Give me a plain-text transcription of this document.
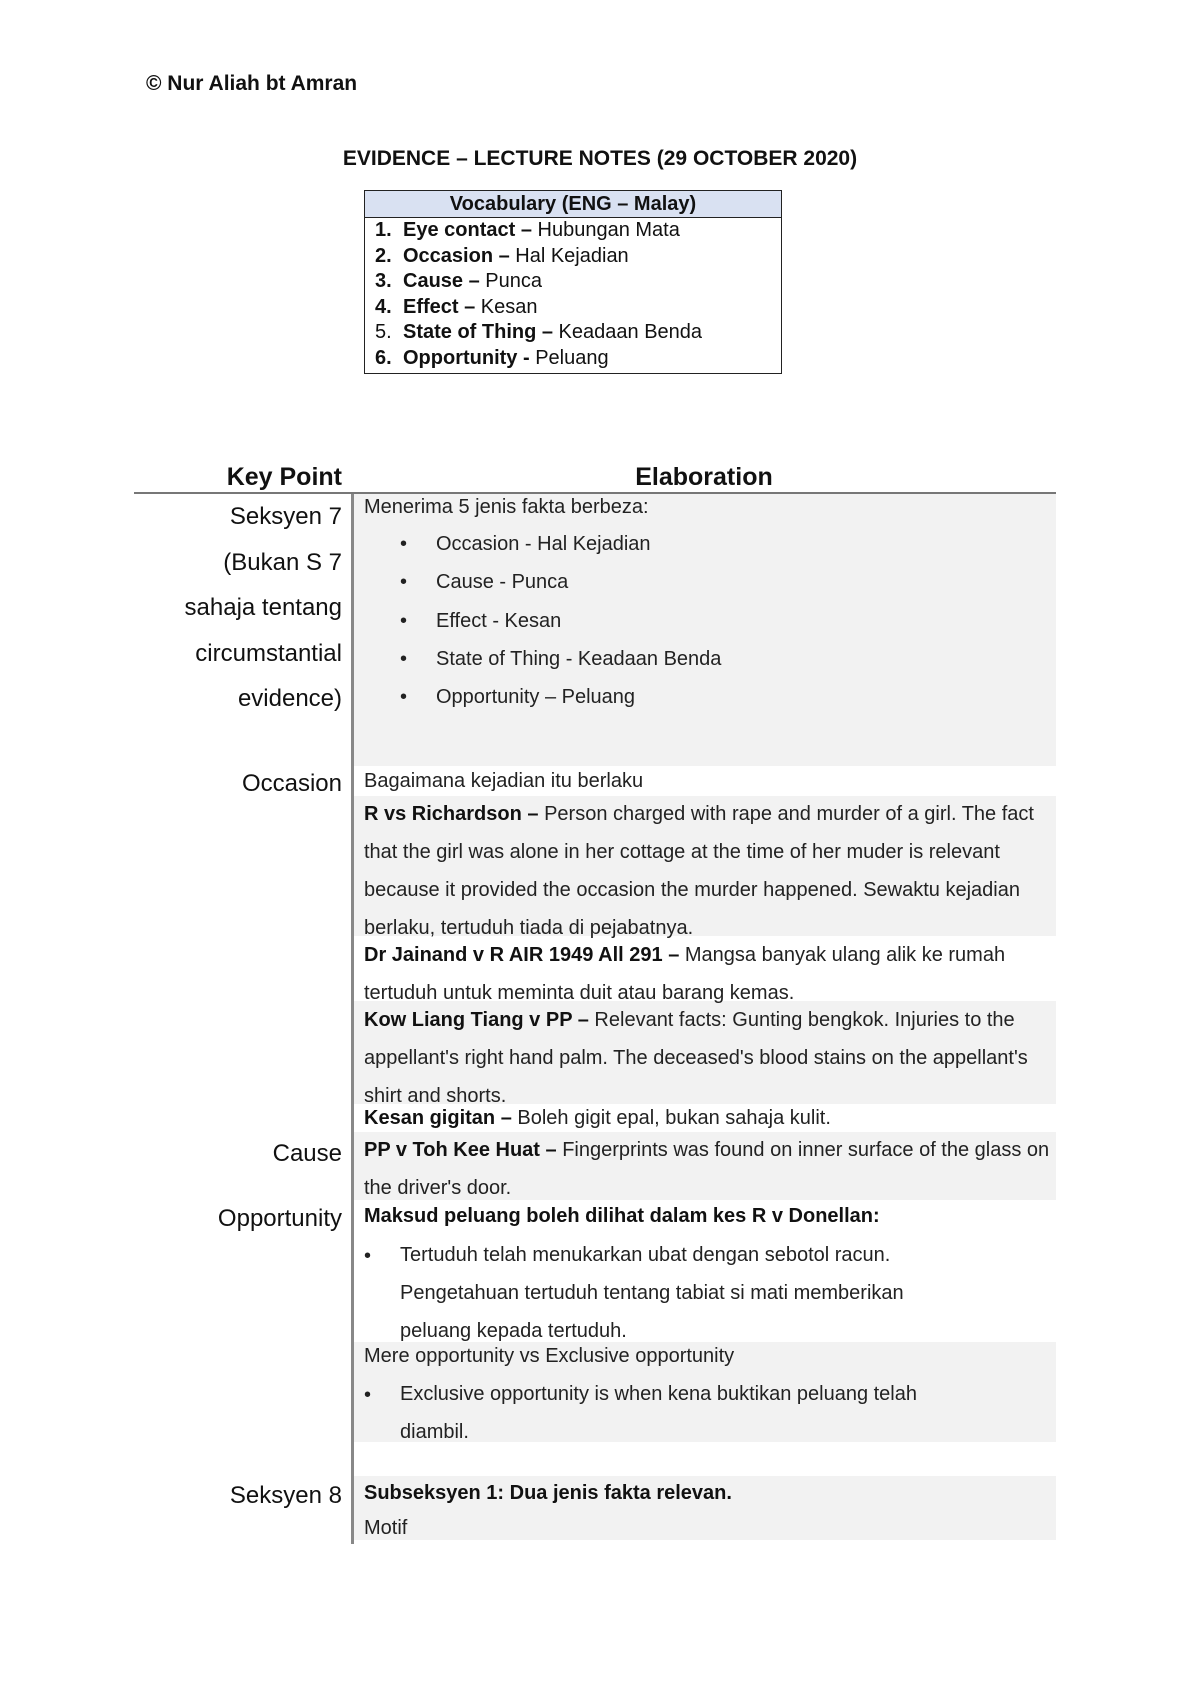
© Nur Aliah bt Amran
EVIDENCE – LECTURE NOTES (29 OCTOBER 2020)
Vocabulary (ENG – Malay)
1. Eye contact – Hubungan Mata
2. Occasion – Hal Kejadian
3. Cause – Punca
4. Effect – Kesan
5. State of Thing – Keadaan Benda
6. Opportunity - Peluang
Key Point	Elaboration
Seksyen 7
(Bukan S 7
sahaja tentang
circumstantial
evidence)
Occasion
Cause
Opportunity
Seksyen 8
Menerima 5 jenis fakta berbeza:
• Occasion - Hal Kejadian
• Cause - Punca
• Effect - Kesan
• State of Thing - Keadaan Benda
• Opportunity – Peluang
Bagaimana kejadian itu berlaku
R vs Richardson – Person charged with rape and murder of a girl. The fact that the girl was alone in her cottage at the time of her muder is relevant because it provided the occasion the murder happened. Sewaktu kejadian berlaku, tertuduh tiada di pejabatnya.
Dr Jainand v R AIR 1949 All 291 – Mangsa banyak ulang alik ke rumah tertuduh untuk meminta duit atau barang kemas.
Kow Liang Tiang v PP – Relevant facts: Gunting bengkok. Injuries to the appellant's right hand palm. The deceased's blood stains on the appellant's shirt and shorts.
Kesan gigitan – Boleh gigit epal, bukan sahaja kulit.
PP v Toh Kee Huat – Fingerprints was found on inner surface of the glass on the driver's door.
Maksud peluang boleh dilihat dalam kes R v Donellan:
• Tertuduh telah menukarkan ubat dengan sebotol racun.
Pengetahuan tertuduh tentang tabiat si mati memberikan
peluang kepada tertuduh.
Mere opportunity vs Exclusive opportunity
• Exclusive opportunity is when kena buktikan peluang telah
diambil.
Subseksyen 1: Dua jenis fakta relevan.
Motif
